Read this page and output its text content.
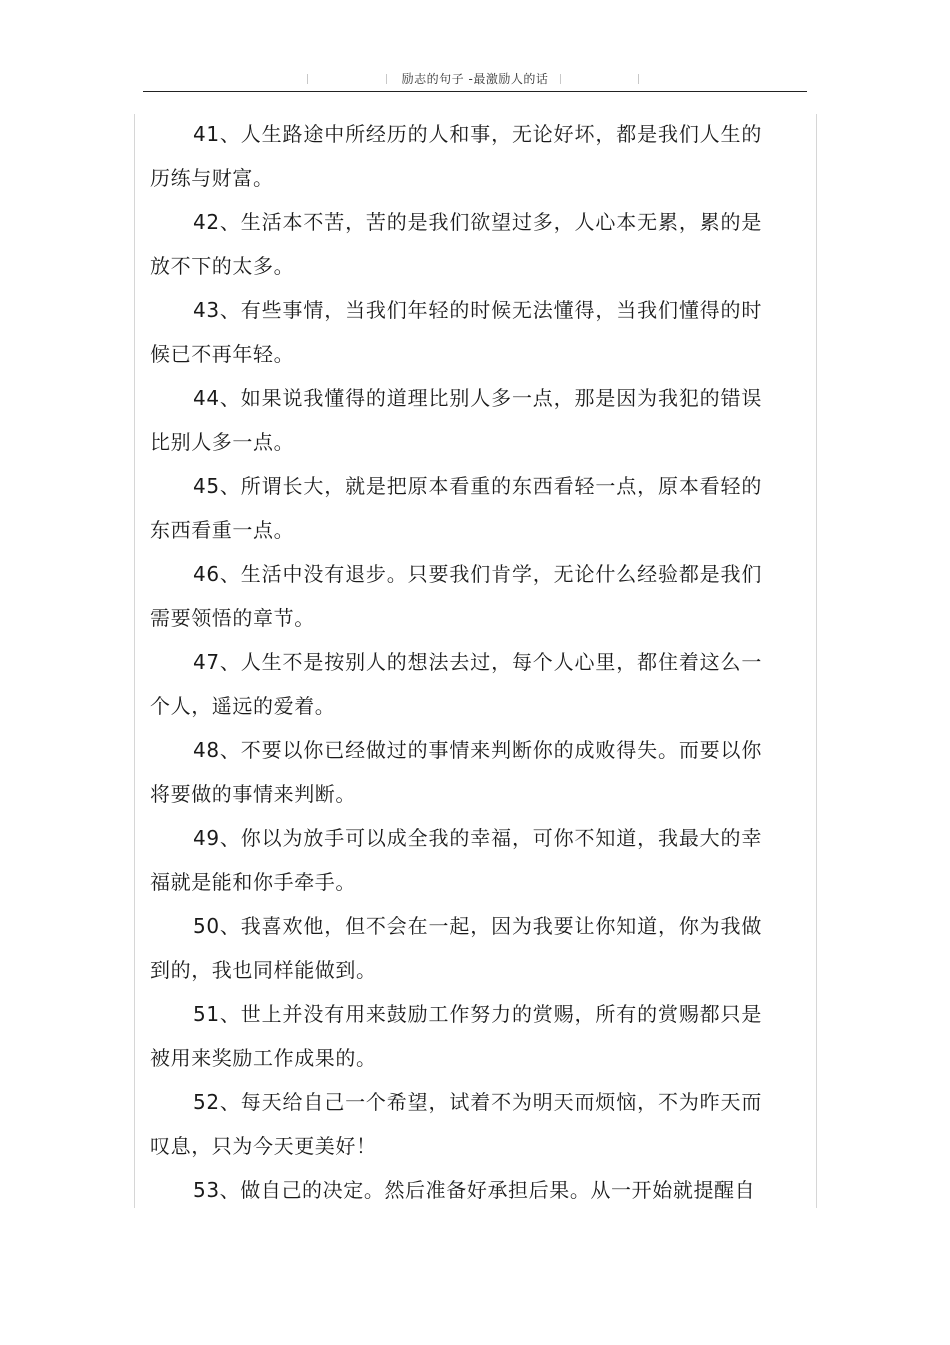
励志的句子 -最激励人的话

41、人生路途中所经历的人和事，无论好坏，都是我们人生的历练与财富。

42、生活本不苦，苦的是我们欲望过多，人心本无累，累的是放不下的太多。

43、有些事情，当我们年轻的时候无法懂得，当我们懂得的时候已不再年轻。

44、如果说我懂得的道理比别人多一点，那是因为我犯的错误比别人多一点。

45、所谓长大，就是把原本看重的东西看轻一点，原本看轻的东西看重一点。

46、生活中没有退步。只要我们肯学，无论什么经验都是我们需要领悟的章节。

47、人生不是按别人的想法去过，每个人心里，都住着这么一个人，遥远的爱着。

48、不要以你已经做过的事情来判断你的成败得失。而要以你将要做的事情来判断。

49、你以为放手可以成全我的幸福，可你不知道，我最大的幸福就是能和你手牵手。

50、我喜欢他，但不会在一起，因为我要让你知道，你为我做到的，我也同样能做到。

51、世上并没有用来鼓励工作努力的赏赐，所有的赏赐都只是被用来奖励工作成果的。

52、每天给自己一个希望，试着不为明天而烦恼，不为昨天而叹息，只为今天更美好！

53、做自己的决定。然后准备好承担后果。从一开始就提醒自
